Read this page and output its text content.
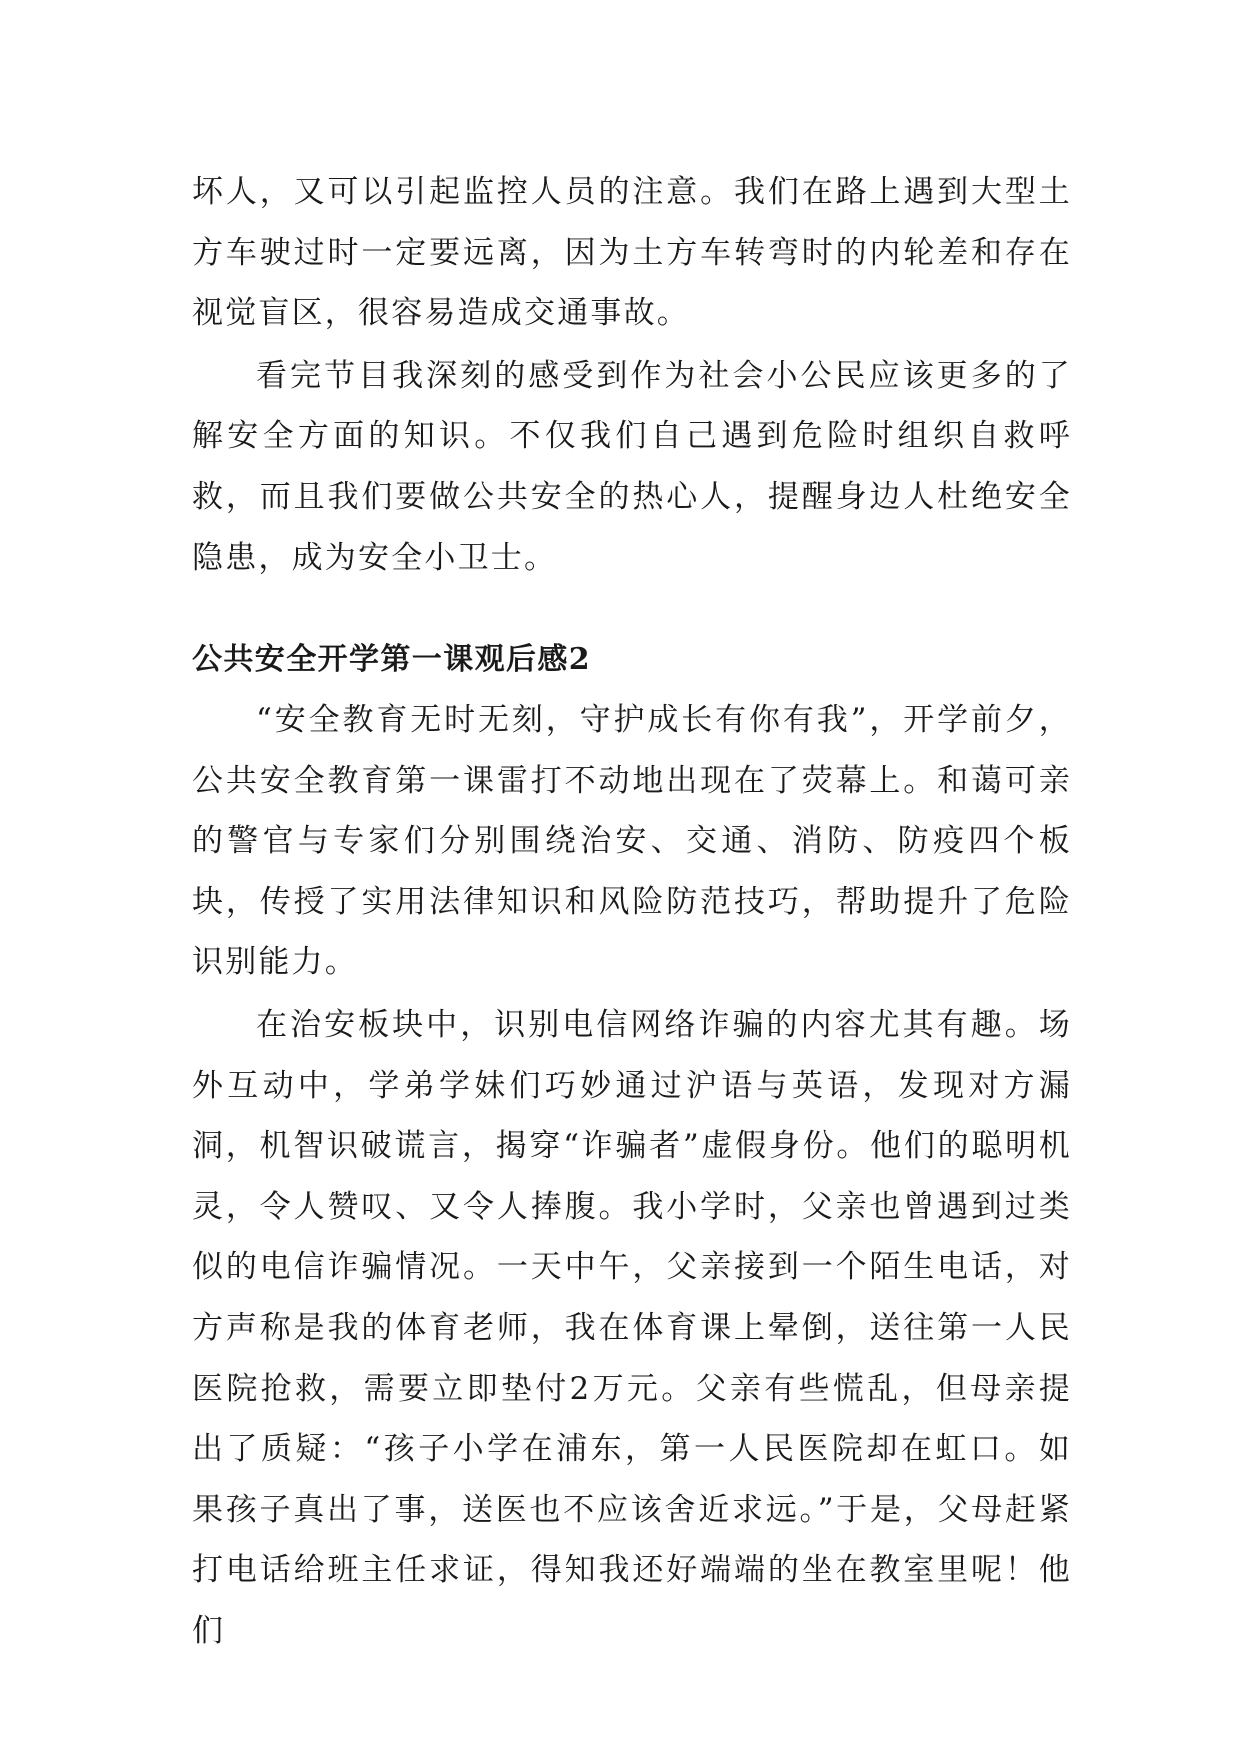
坏人，又可以引起监控人员的注意。我们在路上遇到大型土方车驶过时一定要远离，因为土方车转弯时的内轮差和存在视觉盲区，很容易造成交通事故。

看完节目我深刻的感受到作为社会小公民应该更多的了解安全方面的知识。不仅我们自己遇到危险时组织自救呼救，而且我们要做公共安全的热心人，提醒身边人杜绝安全隐患，成为安全小卫士。

公共安全开学第一课观后感2

“安全教育无时无刻，守护成长有你有我”，开学前夕，公共安全教育第一课雷打不动地出现在了荧幕上。和蔼可亲的警官与专家们分别围绕治安、交通、消防、防疫四个板块，传授了实用法律知识和风险防范技巧，帮助提升了危险识别能力。

在治安板块中，识别电信网络诈骗的内容尤其有趣。场外互动中，学弟学妹们巧妙通过沪语与英语，发现对方漏洞，机智识破谎言，揭穿“诈骗者”虚假身份。他们的聪明机灵，令人赞叹、又令人捧腹。我小学时，父亲也曾遇到过类似的电信诈骗情况。一天中午，父亲接到一个陌生电话，对方声称是我的体育老师，我在体育课上晕倒，送往第一人民医院抢救，需要立即垫付2万元。父亲有些慌乱，但母亲提出了质疑：“孩子小学在浦东，第一人民医院却在虹口。如果孩子真出了事，送医也不应该舍近求远。”于是，父母赶紧打电话给班主任求证，得知我还好端端的坐在教室里呢！他们
